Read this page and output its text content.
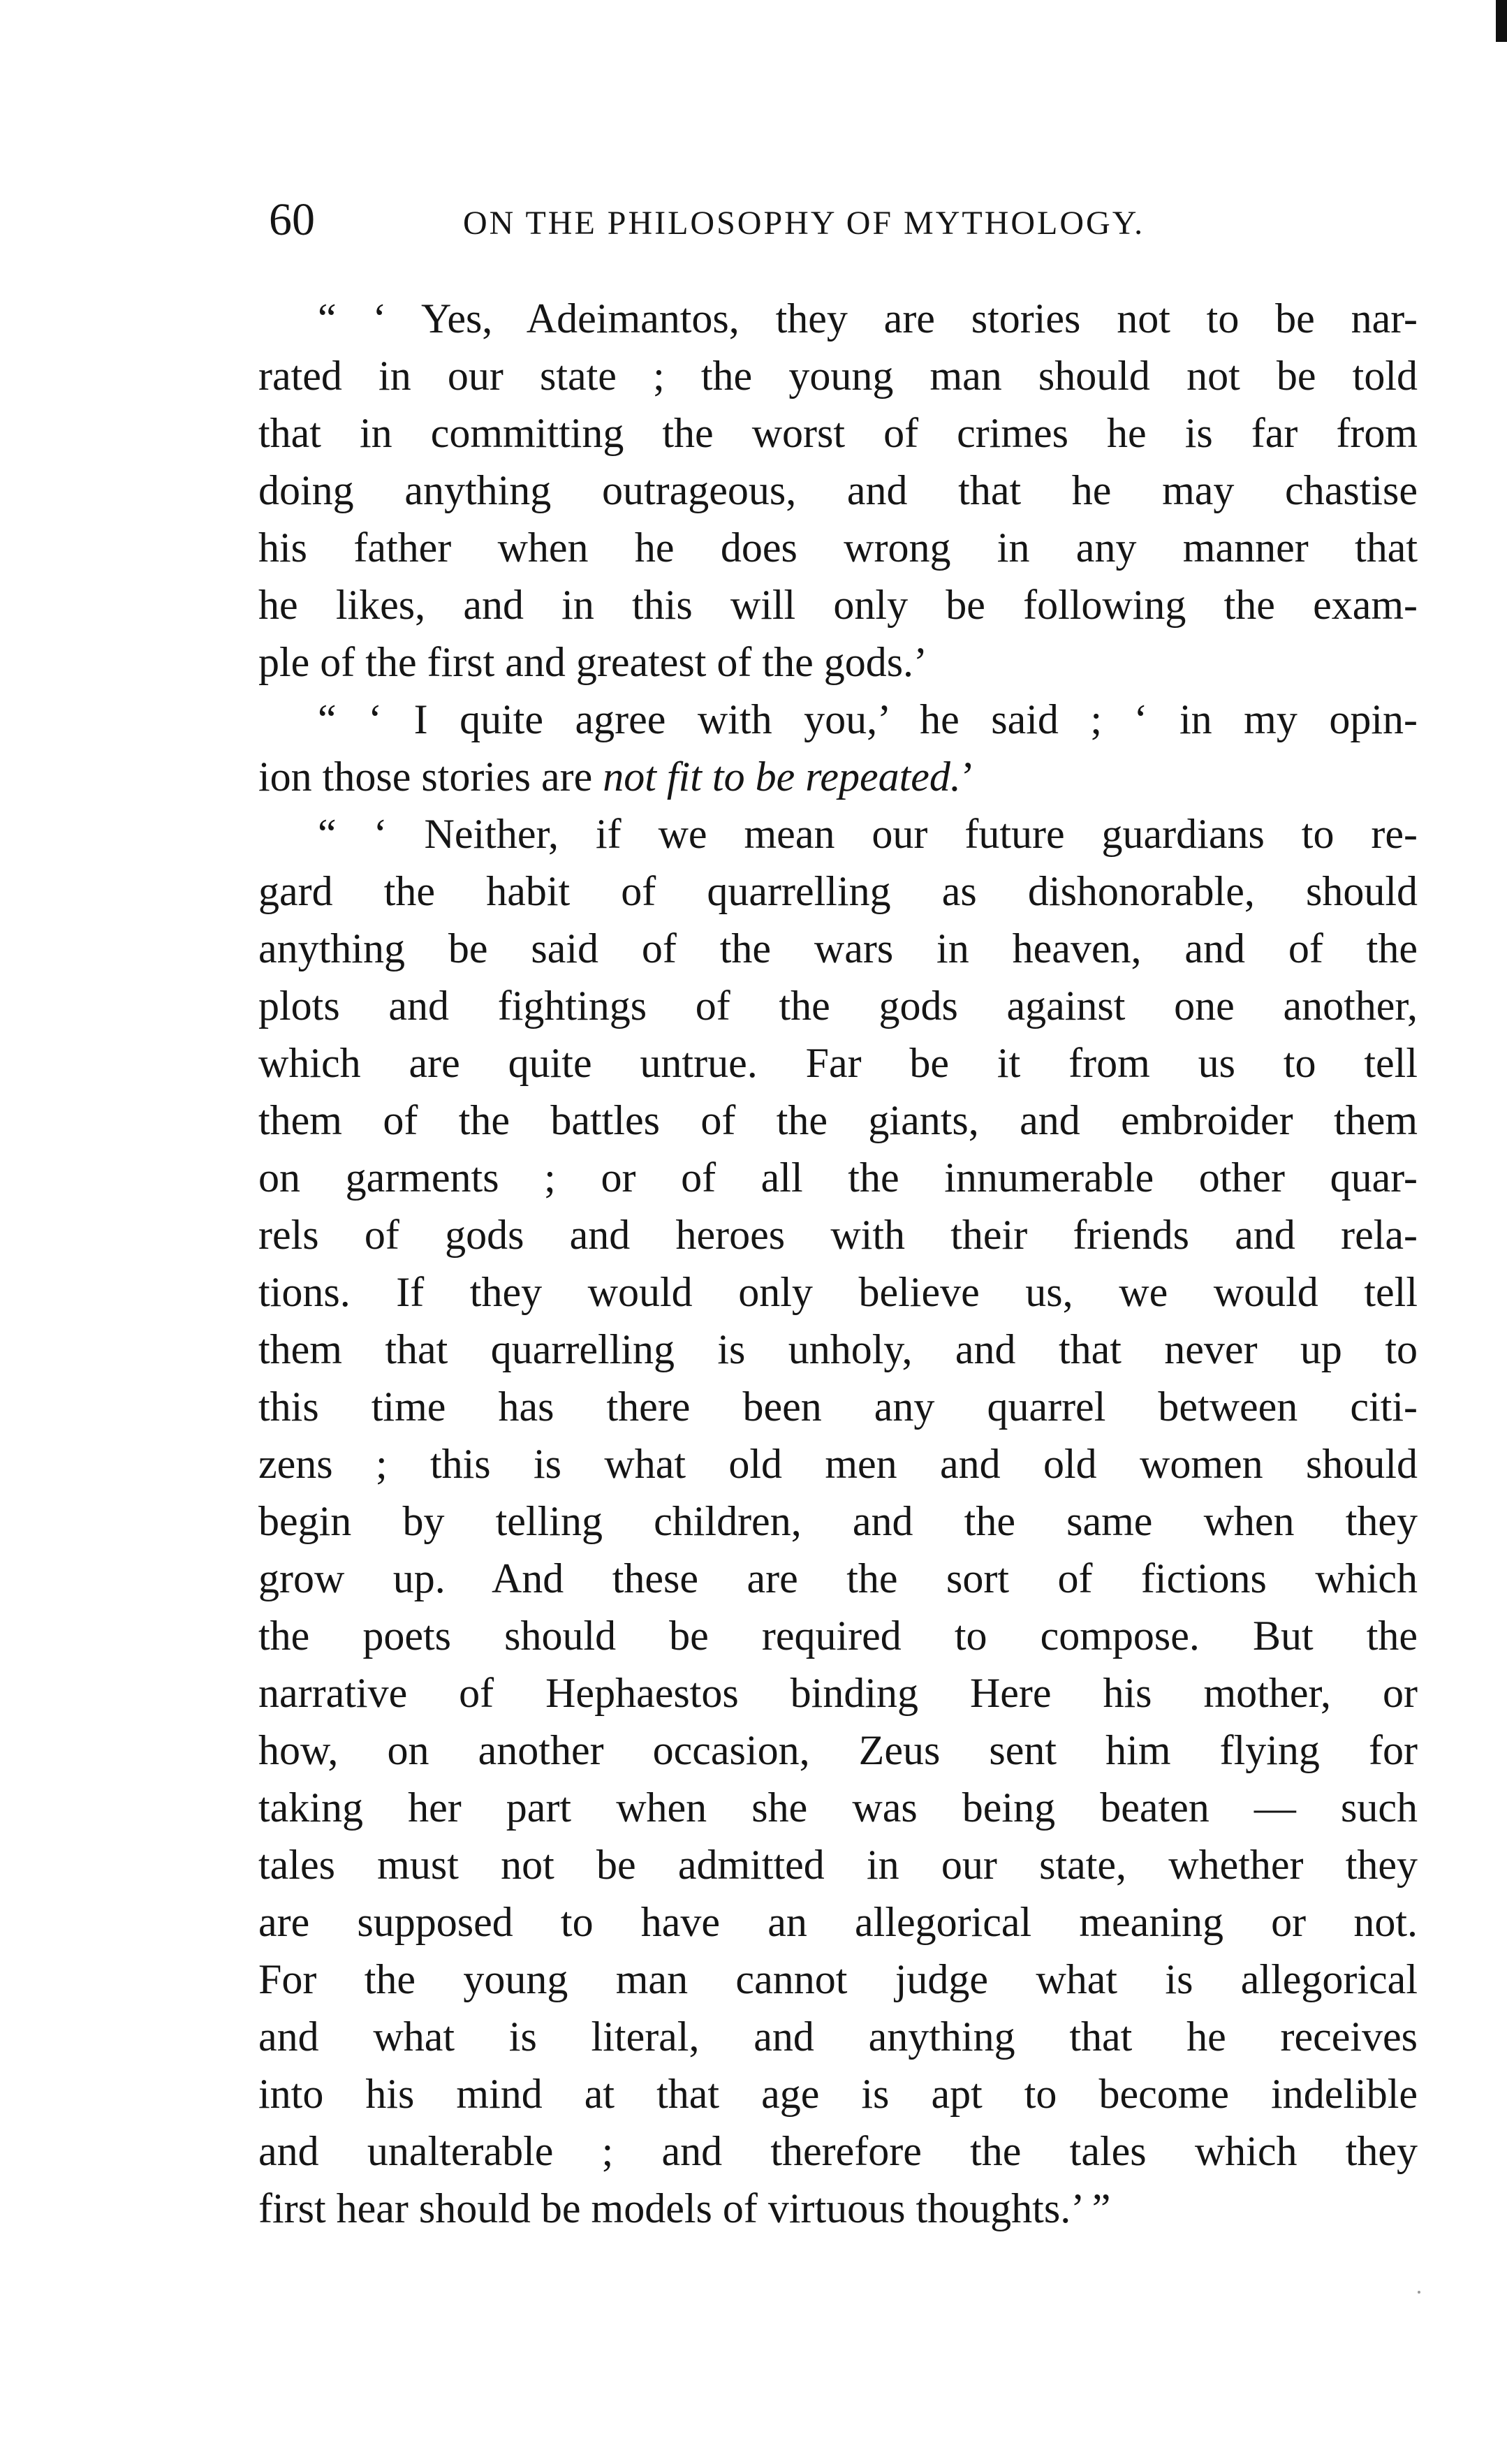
60	ON THE PHILOSOPHY OF MYTHOLOGY.
“ ‘ Yes, Adeimantos, they are stories not to be nar-
rated in our state ; the young man should not be told
that in committing the worst of crimes he is far from
doing anything outrageous, and that he may chastise
his father when he does wrong in any manner that
he likes, and in this will only be following the exam-
ple of the first and greatest of the gods.’
“ ‘ I quite agree with you,’ he said ; ‘ in my opin-
ion those stories are not fit to be repeated.’
“ ‘ Neither, if we mean our future guardians to re-
gard the habit of quarrelling as dishonorable, should
anything be said of the wars in heaven, and of the
plots and fightings of the gods against one another,
which are quite untrue. Far be it from us to tell
them of the battles of the giants, and embroider them
on garments ; or of all the innumerable other quar-
rels of gods and heroes with their friends and rela-
tions. If they would only believe us, we would tell
them that quarrelling is unholy, and that never up to
this time has there been any quarrel between citi-
zens ; this is what old men and old women should
begin by telling children, and the same when they
grow up. And these are the sort of fictions which
the poets should be required to compose. But the
narrative of Hephaestos binding Here his mother, or
how, on another occasion, Zeus sent him flying for
taking her part when she was being beaten — such
tales must not be admitted in our state, whether they
are supposed to have an allegorical meaning or not.
For the young man cannot judge what is allegorical
and what is literal, and anything that he receives
into his mind at that age is apt to become indelible
and unalterable ; and therefore the tales which they
first hear should be models of virtuous thoughts.’ ”
